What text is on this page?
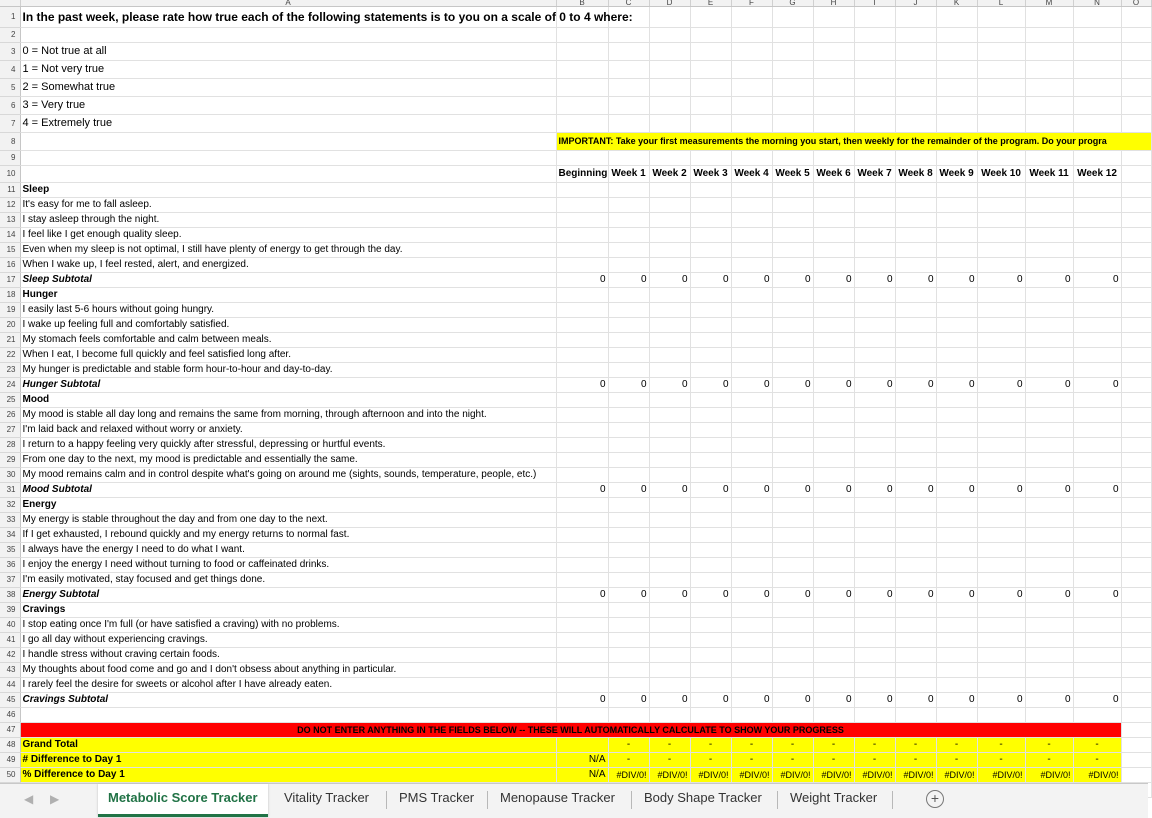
	A	B	C	D	E	F	G	H	I	J	K	L	M	N	O
1	In the past week, please rate how true each of the following statements is to you on a scale of 0 to 4 where:														
2															
3	0 = Not true at all														
4	1 = Not very true														
5	2 = Somewhat true														
6	3 = Very true														
7	4 = Extremely true														
8		IMPORTANT: Take your first measurements the morning you start, then weekly for the remainder of the program. Do your progra													
9															
10		Beginning	Week 1	Week 2	Week 3	Week 4	Week 5	Week 6	Week 7	Week 8	Week 9	Week 10	Week 11	Week 12	
11	Sleep														
12	It's easy for me to fall asleep.														
13	I stay asleep through the night.														
14	I feel like I get enough quality sleep.														
15	Even when my sleep is not optimal, I still have plenty of energy to get through the day.														
16	When I wake up, I feel rested, alert, and energized.														
17	Sleep Subtotal	0	0	0	0	0	0	0	0	0	0	0	0	0	
18	Hunger														
19	I easily last 5-6 hours without going hungry.														
20	I wake up feeling full and comfortably satisfied.														
21	My stomach feels comfortable and calm between meals.														
22	When I eat, I become full quickly and feel satisfied long after.														
23	My hunger is predictable and stable form hour-to-hour and day-to-day.														
24	Hunger Subtotal	0	0	0	0	0	0	0	0	0	0	0	0	0	
25	Mood														
26	My mood is stable all day long and remains the same from morning, through afternoon and into the night.														
27	I'm laid back and relaxed without worry or anxiety.														
28	I return to a happy feeling very quickly after stressful, depressing or hurtful events.														
29	From one day to the next, my mood is predictable and essentially the same.														
30	My mood remains calm and in control despite what's going on around me (sights, sounds, temperature, people, etc.)														
31	Mood Subtotal	0	0	0	0	0	0	0	0	0	0	0	0	0	
32	Energy														
33	My energy is stable throughout the day and from one day to the next.														
34	If I get exhausted, I rebound quickly and my energy returns to normal fast.														
35	I always have the energy I need to do what I want.														
36	I enjoy the energy I need without turning to food or caffeinated drinks.														
37	I'm easily motivated, stay focused and get things done.														
38	Energy Subtotal	0	0	0	0	0	0	0	0	0	0	0	0	0	
39	Cravings														
40	I stop eating once I'm full (or have satisfied a craving) with no problems.														
41	I go all day without experiencing cravings.														
42	I handle stress without craving certain foods.														
43	My thoughts about food come and go and I don't obsess about anything in particular.														
44	I rarely feel the desire for sweets or alcohol after I have already eaten.														
45	Cravings Subtotal	0	0	0	0	0	0	0	0	0	0	0	0	0	
46															
47	DO NOT ENTER ANYTHING IN THE FIELDS BELOW -- THESE WILL AUTOMATICALLY CALCULATE TO SHOW YOUR PROGRESS														
48	Grand Total		-	-	-	-	-	-	-	-	-	-	-	-	
49	# Difference to Day 1	N/A	-	-	-	-	-	-	-	-	-	-	-	-	
50	% Difference to Day 1	N/A	#DIV/0!	#DIV/0!	#DIV/0!	#DIV/0!	#DIV/0!	#DIV/0!	#DIV/0!	#DIV/0!	#DIV/0!	#DIV/0!	#DIV/0!	#DIV/0!	

◀ ▶	Metabolic Score Tracker	Vitality Tracker	PMS Tracker	Menopause Tracker	Body Shape Tracker	Weight Tracker	+
